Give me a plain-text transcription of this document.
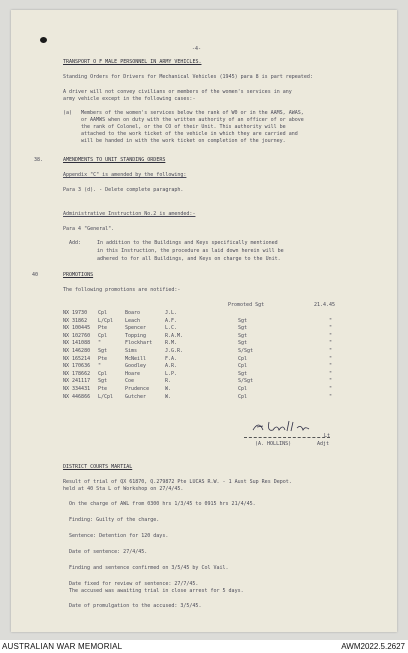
-4-
TRANSPORT O F MALE PERSONNEL IN ARMY VEHICLES.
Standing Orders for Drivers for Mechanical Vehicles (1945) para 8 is part repeated:
A driver will not convey civilians or members of the women's services in any
army vehicle except in the following cases:-
(a) Members of the women's services below the rank of W0 or in the AAMS, AWAS,
or AAMWS when on duty with the written authority of an officer of or above
the rank of Colonel, or the CO of their Unit. This authority will be
attached to the work ticket of the vehicle in which they are carried and
will be handed in with the work ticket on completion of the journey.
38.	AMENDMENTS TO UNIT STANDING ORDERS
Appendix "C" is amended by the following:
Para 3 (d). - Delete complete paragraph.
Administrative Instruction No.2 is amended:-
Para 4 "General".
Add:	In addition to the Buildings and Keys specifically mentioned
in this Instruction, the procedure as laid down herein will be
adhered to for all Buildings, and Keys on charge to the Unit.
40	PROMOTIONS
The following promotions are notified:-
Promoted Sgt	21.4.45
NX 19730 Cpl	Boaro	J.L.
NX 31862 L/Cpl Leach	A.F.	Sgt	"
NX 100445 Pte	Spencer	L.C.	Sgt	"
NX 102760 Cpl	Topping	R.A.M.	Sgt	"
NX 141088 "	Flockhart	R.M.	Sgt	"
NX 146280 Sgt	Sims	J.G.R.	S/Sgt	"
NX 165214 Pte	McNeill	F.A.	Cpl	"
NX 170636 "	Goodley	A.R.	Cpl	"
NX 178662 Cpl	Hoare	L.P.	Sgt	"
NX 241117 Sgt	Coe	R.	S/Sgt	"
NX 334431 Pte	Prudence	W.	Cpl	"
NX 446866 L/Cpl Gutcher	W.	Cpl	"
Lt
(A. HOLLINS)	Adjt
DISTRICT COURTS MARTIAL
Result of trial of QX 61870, Q.279872 Pte LUCAS R.W. - 1 Aust Sup Res Depot.
held at 40 Sta L of Workshop on 27/4/45.
On the charge of AWL from 0300 hrs 1/3/45 to 0915 hrs 21/4/45.
Finding: Guilty of the charge.
Sentence: Detention for 120 days.
Date of sentence: 27/4/45.
Finding and sentence confirmed on 3/5/45 by Col Vail.
Date fixed for review of sentence: 27/7/45.
The accused was awaiting trial in close arrest for 5 days.
Date of promulgation to the accused: 3/5/45.
AUSTRALIAN WAR MEMORIAL	AWM2022.5.2627
